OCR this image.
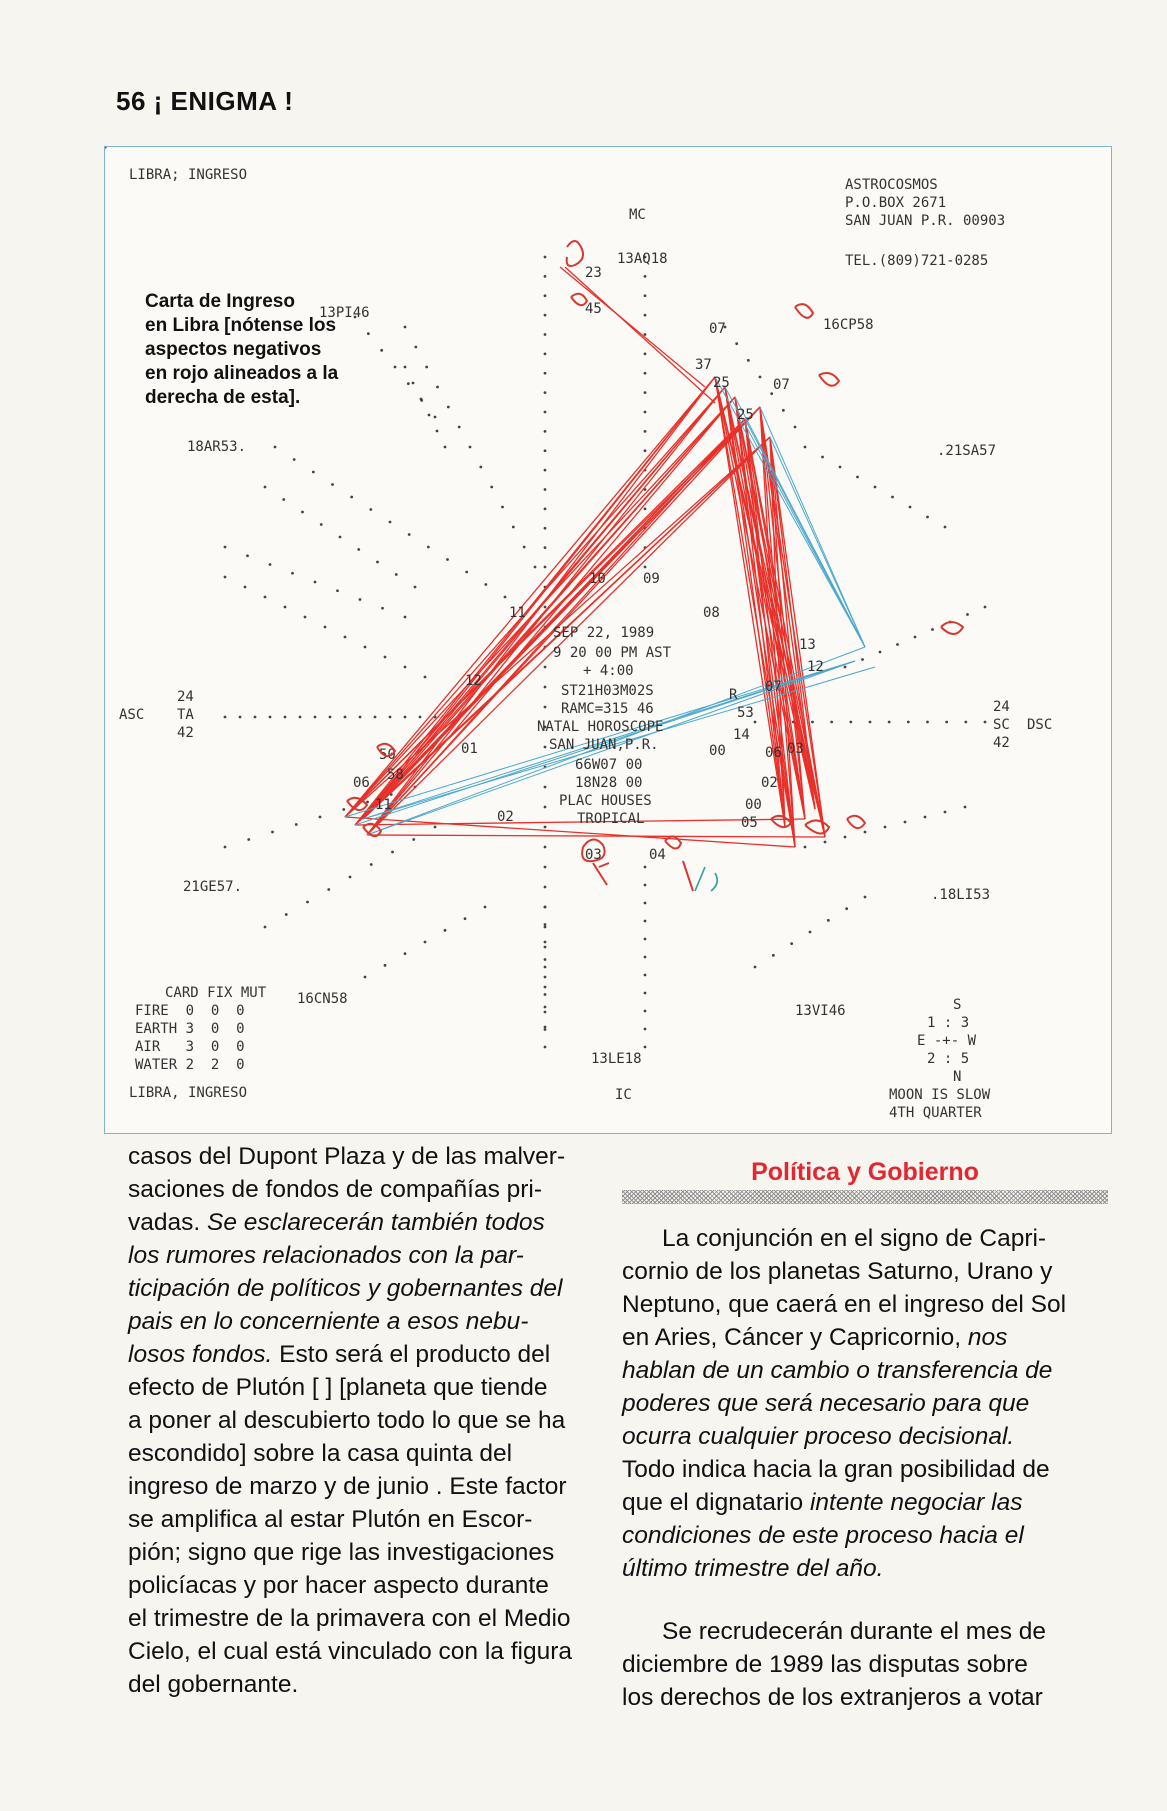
56 ¡ ENIGMA !
LIBRA; INGRESO
LIBRA, INGRESO
Carta de Ingreso
en Libra [nótense los
aspectos negativos
en rojo alineados a la
derecha de esta].
ASTROCOSMOS
P.O.BOX 2671
SAN JUAN P.R. 00903
TEL.(809)721-0285
MC
13AQ18
IC
13LE18
13PI46
18AR53.
21GE57.
16CN58
16CP58
.21SA57
.18LI53
13VI46
ASC
24
TA
42	DSC
24
SC
42
10	09
11	08
12	07
01	06
02	05
03	04
SEP 22, 1989
9 20 00 PM AST
+ 4:00
ST21H03M02S
RAMC=315 46
NATAL HOROSCOPE
SAN JUAN,P.R.
66W07 00
18N28 00
PLAC HOUSES
TROPICAL
CARD FIX MUT
FIRE  0  0  0
EARTH 3  0  0
AIR   3  0  0
WATER 2  2  0
S
1 : 3
E -+- W
2 : 5
N
MOON IS SLOW
4TH QUARTER
23
45
07
37
25	07
25
R
53
14
00	03
02
00
50
58
06
11
13
12

casos del Dupont Plaza y de las malver-

saciones de fondos de compañías pri-

vadas. Se esclarecerán también todos

los rumores relacionados con la par-

ticipación de políticos y gobernantes del

pais en lo concerniente a esos nebu-

losos fondos. Esto será el producto del

efecto de Plutón [ ] [planeta que tiende

a poner al descubierto todo lo que se ha

escondido] sobre la casa quinta del

ingreso de marzo y de junio . Este factor

se amplifica al estar Plutón en Escor-

pión; signo que rige las investigaciones

policíacas y por hacer aspecto durante

el trimestre de la primavera con el Medio

Cielo, el cual está vinculado con la figura

del gobernante.

Política y Gobierno

La conjunción en el signo de Capri-

cornio de los planetas Saturno, Urano y

Neptuno, que caerá en el ingreso del Sol

en Aries, Cáncer y Capricornio, nos

hablan de un cambio o transferencia de

poderes que será necesario para que

ocurra cualquier proceso decisional.

Todo indica hacia la gran posibilidad de

que el dignatario intente negociar las

condiciones de este proceso hacia el

último trimestre del año.

Se recrudecerán durante el mes de

diciembre de 1989 las disputas sobre

los derechos de los extranjeros a votar
